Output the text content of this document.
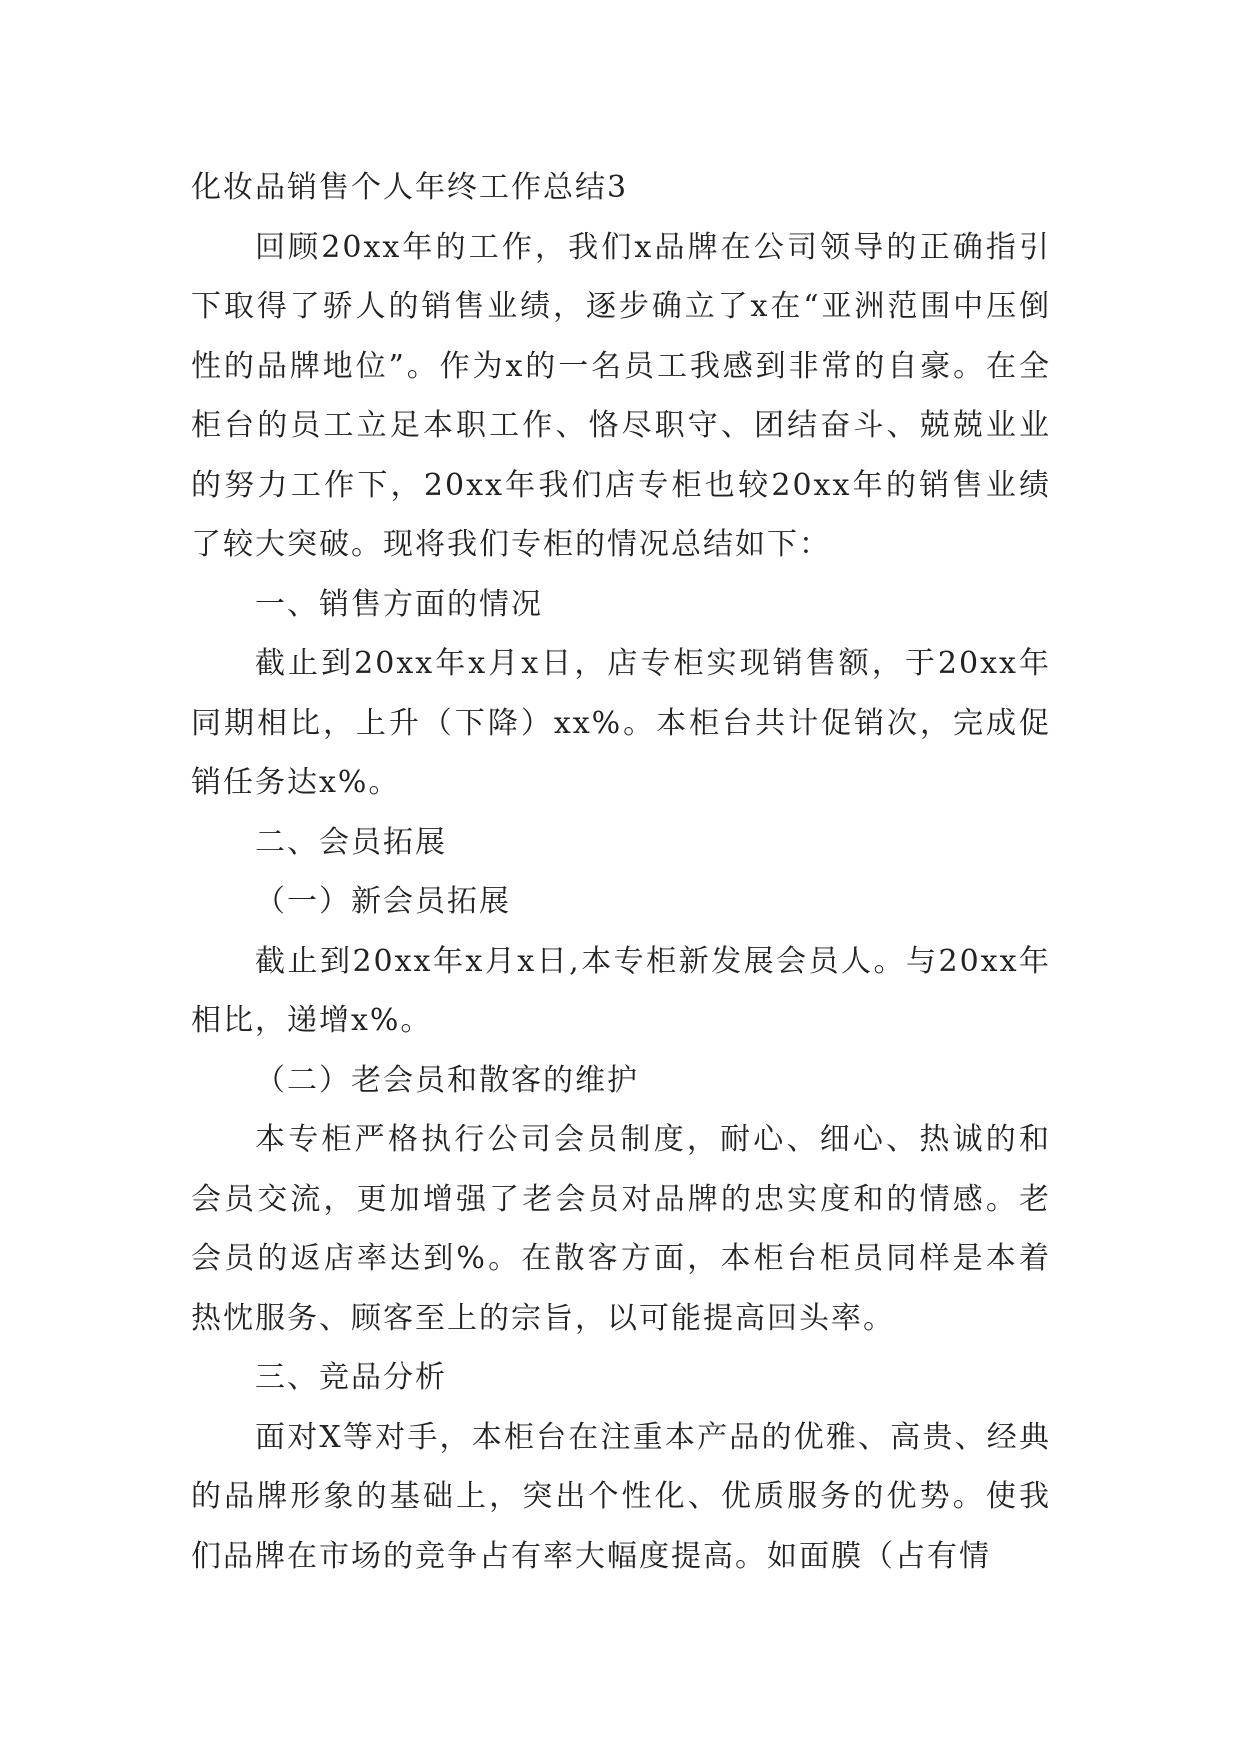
化妆品销售个人年终工作总结3

回顾20xx年的工作，我们x品牌在公司领导的正确指引下取得了骄人的销售业绩，逐步确立了x在“亚洲范围中压倒性的品牌地位”。作为x的一名员工我感到非常的自豪。在全柜台的员工立足本职工作、恪尽职守、团结奋斗、兢兢业业的努力工作下，20xx年我们店专柜也较20xx年的销售业绩了较大突破。现将我们专柜的情况总结如下：

一、销售方面的情况

截止到20xx年x月x日，店专柜实现销售额，于20xx年同期相比，上升（下降）xx%。本柜台共计促销次，完成促销任务达x%。

二、会员拓展

（一）新会员拓展

截止到20xx年x月x日,本专柜新发展会员人。与20xx年相比，递增x%。

（二）老会员和散客的维护

本专柜严格执行公司会员制度，耐心、细心、热诚的和会员交流，更加增强了老会员对品牌的忠实度和的情感。老会员的返店率达到%。在散客方面，本柜台柜员同样是本着热忱服务、顾客至上的宗旨，以可能提高回头率。

三、竞品分析

面对X等对手，本柜台在注重本产品的优雅、高贵、经典的品牌形象的基础上，突出个性化、优质服务的优势。使我们品牌在市场的竞争占有率大幅度提高。如面膜（占有情
